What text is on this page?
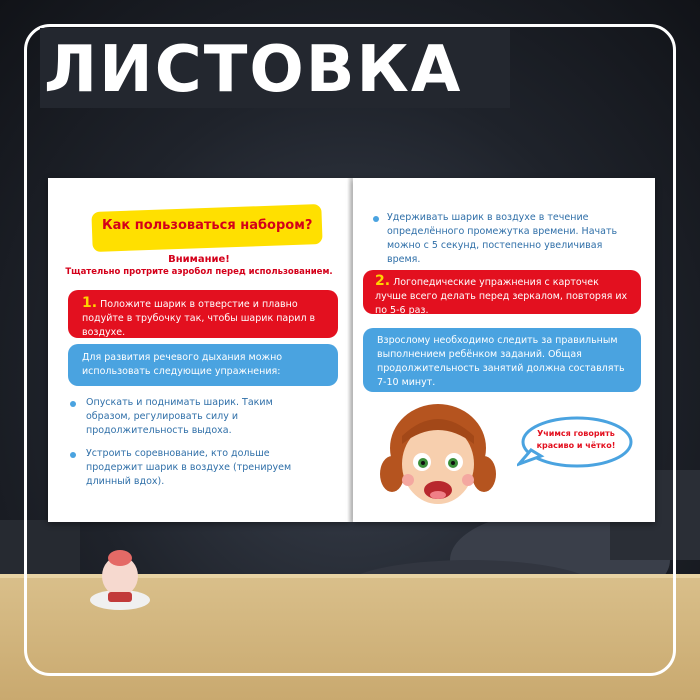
ЛИСТОВКА
Как пользоваться набором?
Внимание!
Тщательно протрите аэробол перед использованием.
1. Положите шарик в отверстие и плавно подуйте в трубочку так, чтобы шарик парил в воздухе.
Для развития речевого дыхания можно использовать следующие упражнения:
Опускать и поднимать шарик. Таким образом, регулировать силу и продолжительность выдоха.
Устроить соревнование, кто дольше продержит шарик в воздухе (тренируем длинный вдох).
Удерживать шарик в воздухе в течение определённого промежутка времени. Начать можно с 5 секунд, постепенно увеличивая время.
2. Логопедические упражнения с карточек лучше всего делать перед зеркалом, повторяя их по 5-6 раз.
Взрослому необходимо следить за правильным выполнением ребёнком заданий. Общая продолжительность занятий должна составлять 7-10 минут.
Учимся говорить красиво и чётко!
